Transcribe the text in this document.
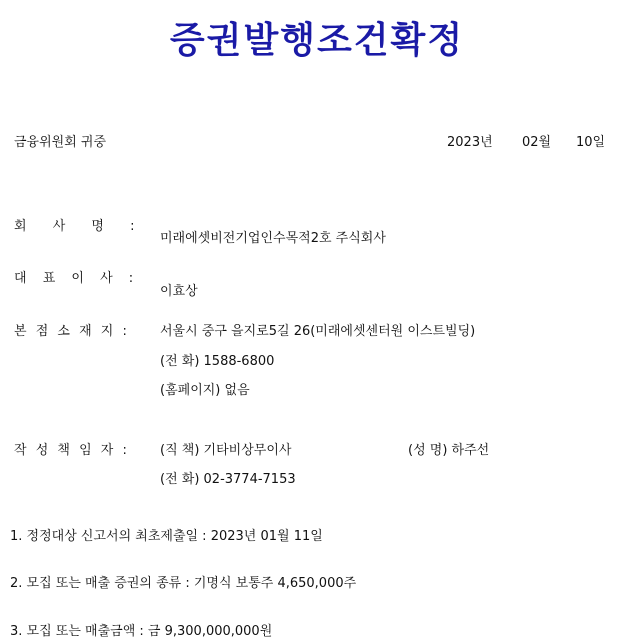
증권발행조건확정
금융위원회 귀중	2023년 02월 10일
회 사 명 :
미래에셋비전기업인수목적2호 주식회사
대 표 이 사 :
이효상
본 점 소 재 지 :	서울시 중구 을지로5길 26(미래에셋센터원 이스트빌딩)
(전 화) 1588-6800
(홈페이지) 없음
작 성 책 임 자 :	(직 책) 기타비상무이사	(성 명) 하주선
(전 화) 02-3774-7153
1. 정정대상 신고서의 최초제출일 : 2023년 01월 11일
2. 모집 또는 매출 증권의 종류 : 기명식 보통주 4,650,000주
3. 모집 또는 매출금액 : 금 9,300,000,000원
